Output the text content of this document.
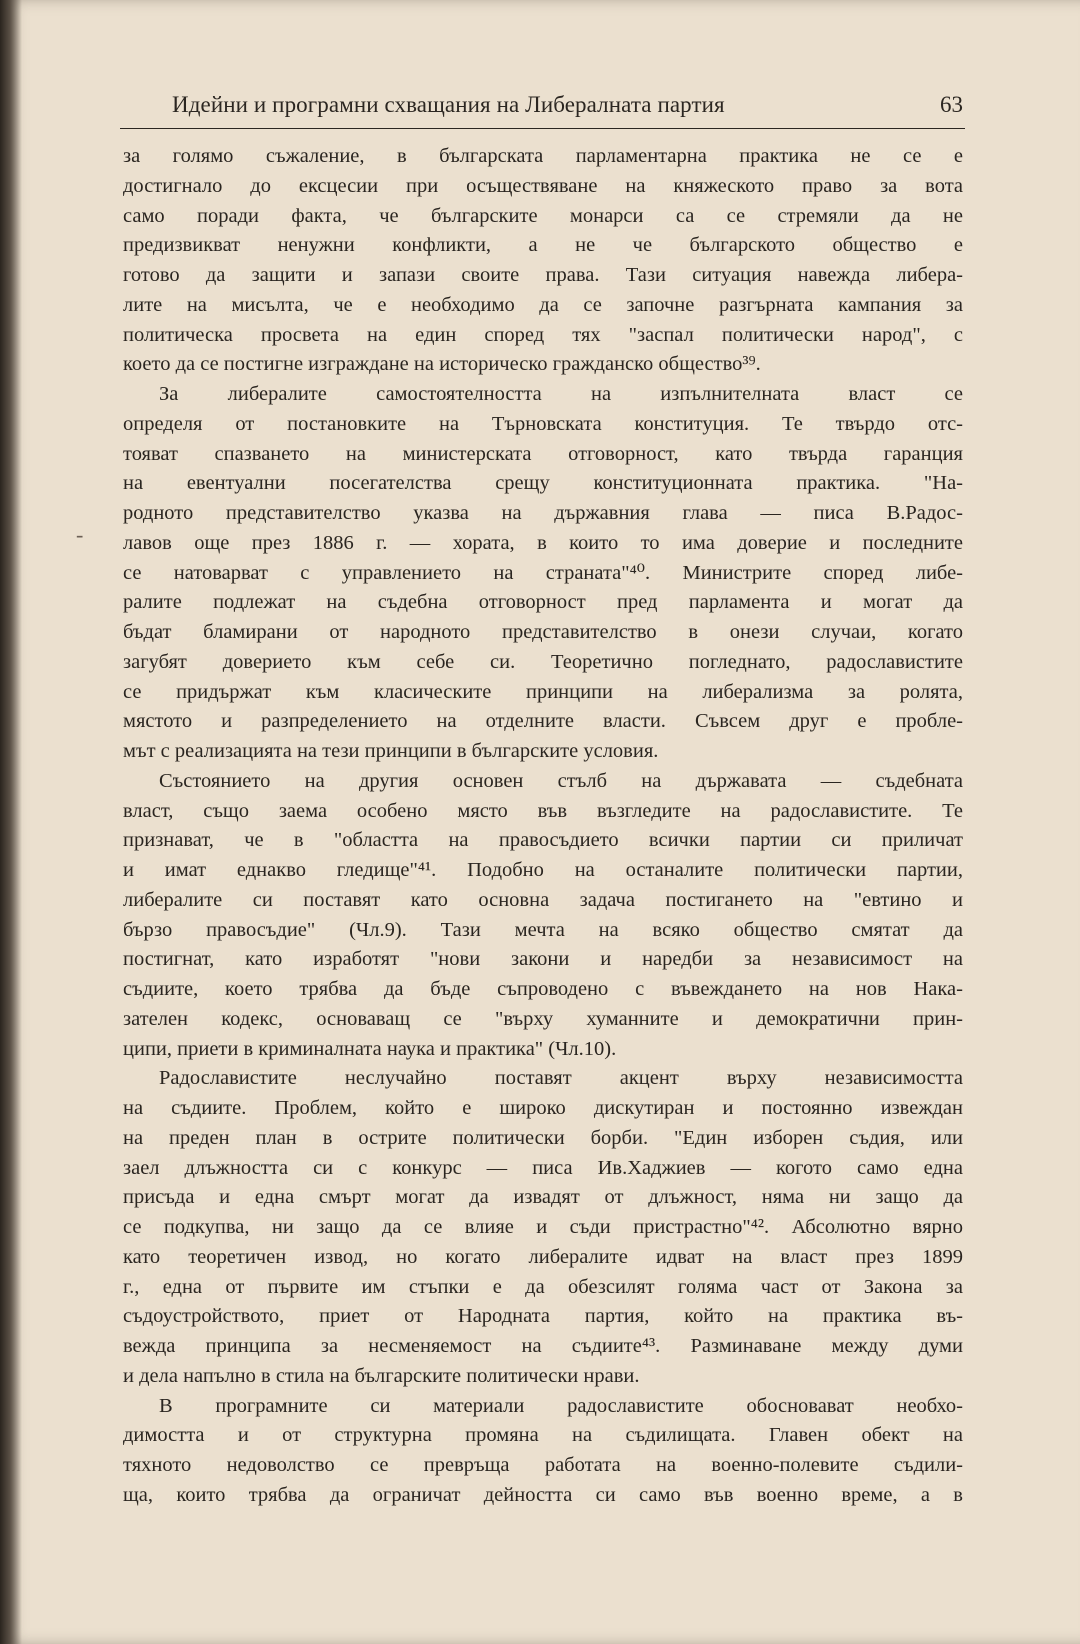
Идейни и програмни схващания на Либералната партия	63
-
за голямо съжаление, в българската парламентарна практика не се е
достигнало до ексцесии при осъществяване на княжеското право за вота
само поради факта, че българските монарси са се стремяли да не
предизвикват ненужни конфликти, а не че българското общество е
готово да защити и запази своите права. Тази ситуация навежда либера-
лите на мисълта, че е необходимо да се започне разгърната кампания за
политическа просвета на един според тях "заспал политически народ", с
което да се постигне изграждане на историческо гражданско общество³⁹.
За либералите самостоятелността на изпълнителната власт се
определя от постановките на Търновската конституция. Те твърдо отс-
тояват спазването на министерската отговорност, като твърда гаранция
на евентуални посегателства срещу конституционната практика. "На-
родното представителство указва на държавния глава — писа В.Радос-
лавов още през 1886 г. — хората, в които то има доверие и последните
се натоварват с управлението на страната"⁴⁰. Министрите според либе-
ралите подлежат на съдебна отговорност пред парламента и могат да
бъдат бламирани от народното представителство в онези случаи, когато
загубят доверието към себе си. Теоретично погледнато, радославистите
се придържат към класическите принципи на либерализма за ролята,
мястото и разпределението на отделните власти. Съвсем друг е пробле-
мът с реализацията на тези принципи в българските условия.
Състоянието на другия основен стълб на държавата — съдебната
власт, също заема особено място във възгледите на радославистите. Те
признават, че в "областта на правосъдието всички партии си приличат
и имат еднакво гледище"⁴¹. Подобно на останалите политически партии,
либералите си поставят като основна задача постигането на "евтино и
бързо правосъдие" (Чл.9). Тази мечта на всяко общество смятат да
постигнат, като изработят "нови закони и наредби за независимост на
съдиите, което трябва да бъде съпроводено с въвеждането на нов Нака-
зателен кодекс, основаващ се "върху хуманните и демократични прин-
ципи, приети в криминалната наука и практика" (Чл.10).
Радославистите неслучайно поставят акцент върху независимостта
на съдиите. Проблем, който е широко дискутиран и постоянно извеждан
на преден план в острите политически борби. "Един изборен съдия, или
заел длъжността си с конкурс — писа Ив.Хаджиев — когото само една
присъда и една смърт могат да извадят от длъжност, няма ни защо да
се подкупва, ни защо да се влияе и съди пристрастно"⁴². Абсолютно вярно
като теоретичен извод, но когато либералите идват на власт през 1899
г., една от първите им стъпки е да обезсилят голяма част от Закона за
съдоустройството, приет от Народната партия, който на практика въ-
вежда принципа за несменяемост на съдиите⁴³. Разминаване между думи
и дела напълно в стила на българските политически нрави.
В програмните си материали радославистите обосновават необхо-
димостта и от структурна промяна на съдилищата. Главен обект на
тяхното недоволство се превръща работата на военно-полевите съдили-
ща, които трябва да ограничат дейността си само във военно време, а в
